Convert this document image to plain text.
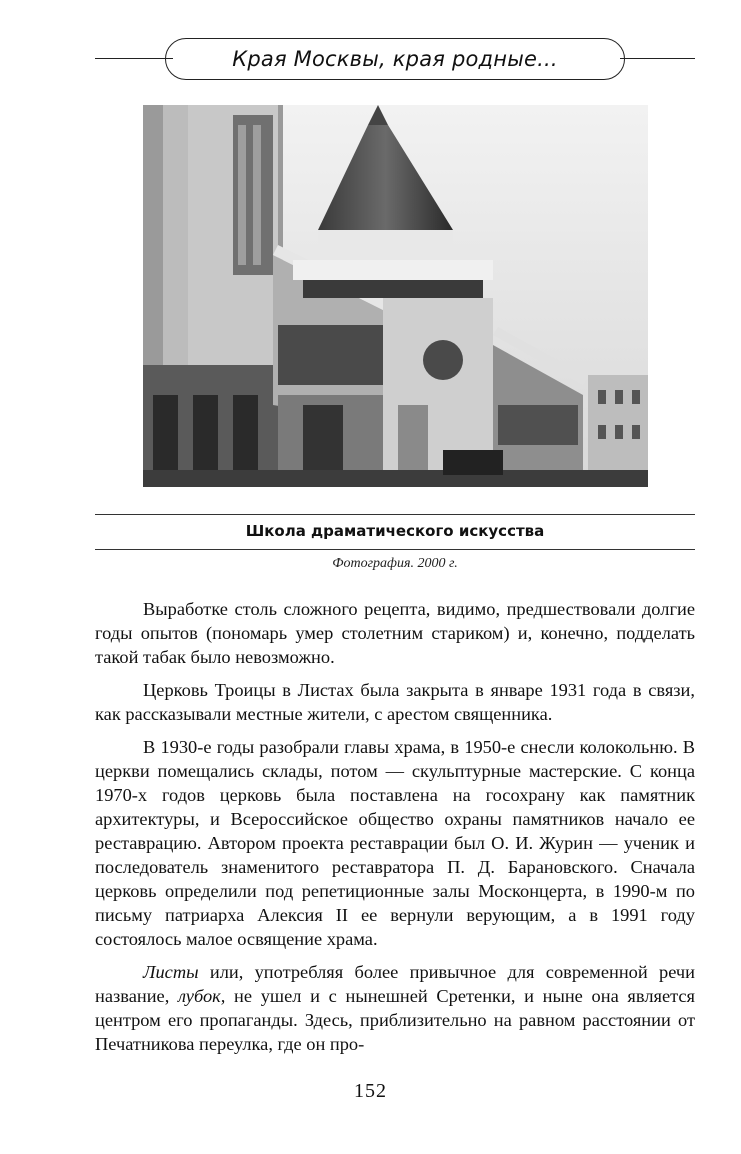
Края Москвы, края родные...
Школа драматического искусства
Фотография. 2000 г.

Выработке столь сложного рецепта, видимо, предшествовали долгие годы опытов (пономарь умер столетним стариком) и, конечно, подделать такой табак было невозможно.

Церковь Троицы в Листах была закрыта в январе 1931 года в связи, как рассказывали местные жители, с арестом священника.

В 1930-е годы разобрали главы храма, в 1950-е снесли колокольню. В церкви помещались склады, потом — скульптурные мастерские. С конца 1970-х годов церковь была поставлена на госохрану как памятник архитектуры, и Всероссийское общество охраны памятников начало ее реставрацию. Автором проекта реставрации был О. И. Журин — ученик и последователь знаменитого реставратора П. Д. Барановского. Сначала церковь определили под репетиционные залы Москонцерта, в 1990-м по письму патриарха Алексия II ее вернули верующим, а в 1991 году состоялось малое освящение храма.

Листы или, употребляя более привычное для современной речи название, лубок, не ушел и с нынешней Сретенки, и ныне она является центром его пропаганды. Здесь, приблизительно на равном расстоянии от Печатникова переулка, где он про-

152
